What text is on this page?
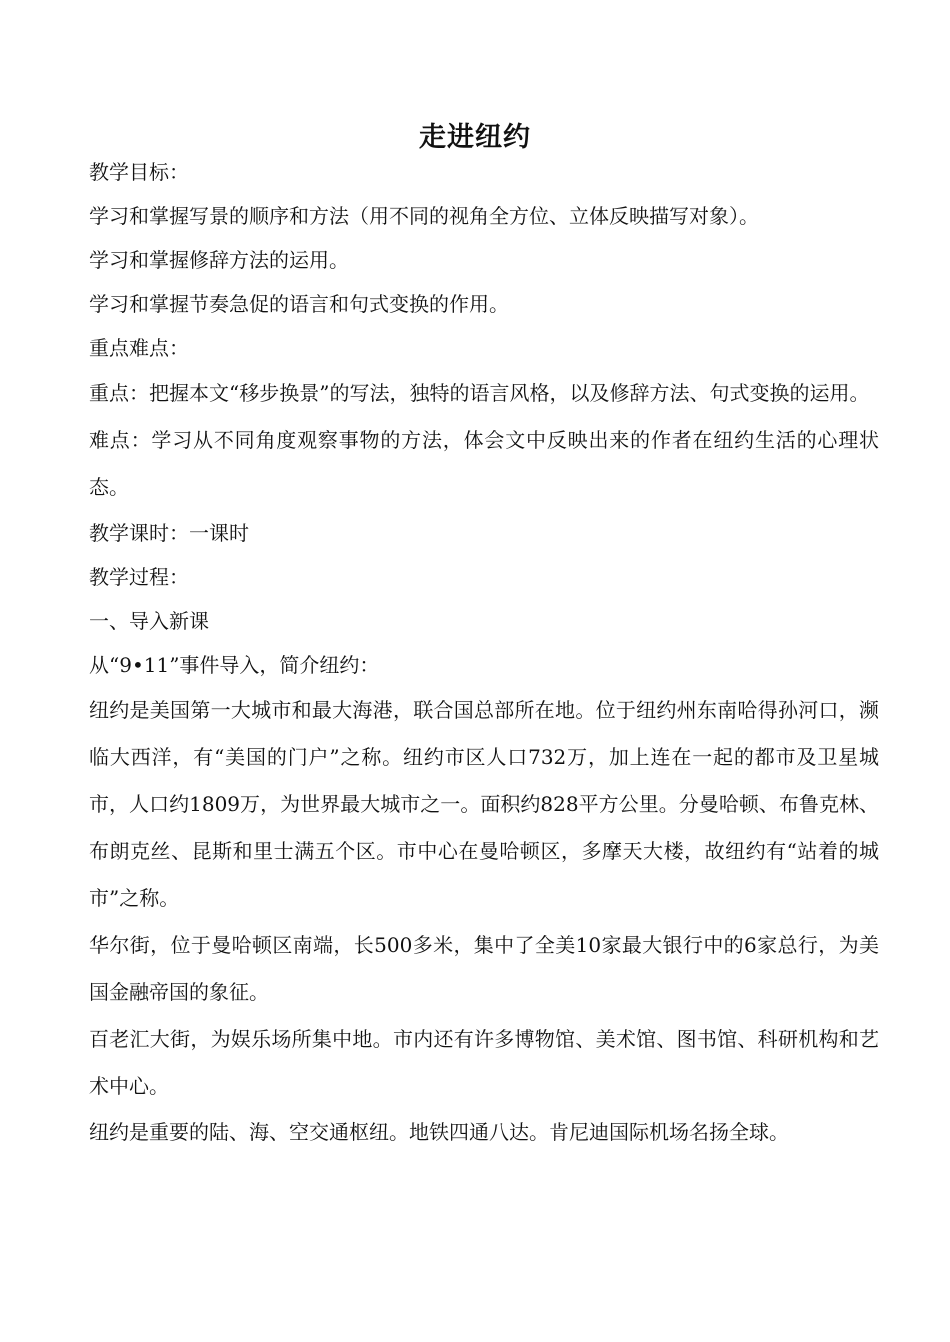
走进纽约

教学目标：

学习和掌握写景的顺序和方法（用不同的视角全方位、立体反映描写对象）。

学习和掌握修辞方法的运用。

学习和掌握节奏急促的语言和句式变换的作用。

重点难点：

重点：把握本文“移步换景”的写法，独特的语言风格，以及修辞方法、句式变换的运用。

难点：学习从不同角度观察事物的方法，体会文中反映出来的作者在纽约生活的心理状态。

教学课时：一课时

教学过程：

一、导入新课

从“9•11”事件导入，简介纽约：

纽约是美国第一大城市和最大海港，联合国总部所在地。位于纽约州东南哈得孙河口，濒临大西洋，有“美国的门户”之称。纽约市区人口732万，加上连在一起的都市及卫星城市，人口约1809万，为世界最大城市之一。面积约828平方公里。分曼哈顿、布鲁克林、布朗克丝、昆斯和里士满五个区。市中心在曼哈顿区，多摩天大楼，故纽约有“站着的城市”之称。

华尔街，位于曼哈顿区南端，长500多米，集中了全美10家最大银行中的6家总行，为美国金融帝国的象征。

百老汇大街，为娱乐场所集中地。市内还有许多博物馆、美术馆、图书馆、科研机构和艺术中心。

纽约是重要的陆、海、空交通枢纽。地铁四通八达。肯尼迪国际机场名扬全球。
